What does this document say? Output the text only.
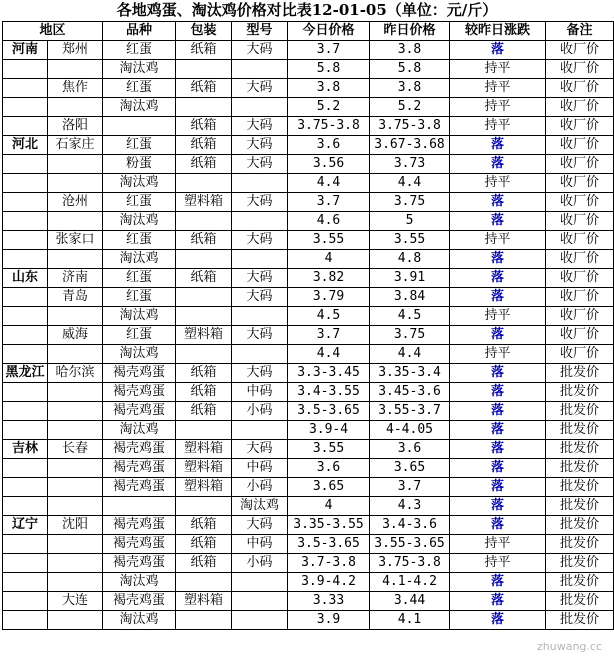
各地鸡蛋、淘汰鸡价格对比表12-01-05（单位：元/斤）
地区		品种	包装	型号	今日价格	昨日价格	较昨日涨跌	备注
河南	郑州	红蛋	纸箱	大码	3.7	3.8	落	收厂价
		淘汰鸡			5.8	5.8	持平	收厂价
	焦作	红蛋	纸箱	大码	3.8	3.8	持平	收厂价
		淘汰鸡			5.2	5.2	持平	收厂价
	洛阳		纸箱	大码	3.75-3.8	3.75-3.8	持平	收厂价
河北	石家庄	红蛋	纸箱	大码	3.6	3.67-3.68	落	收厂价
		粉蛋	纸箱	大码	3.56	3.73	落	收厂价
		淘汰鸡			4.4	4.4	持平	收厂价
	沧州	红蛋	塑料箱	大码	3.7	3.75	落	收厂价
		淘汰鸡			4.6	5	落	收厂价
	张家口	红蛋	纸箱	大码	3.55	3.55	持平	收厂价
		淘汰鸡			4	4.8	落	收厂价
山东	济南	红蛋	纸箱	大码	3.82	3.91	落	收厂价
	青岛	红蛋		大码	3.79	3.84	落	收厂价
		淘汰鸡			4.5	4.5	持平	收厂价
	威海	红蛋	塑料箱	大码	3.7	3.75	落	收厂价
		淘汰鸡			4.4	4.4	持平	收厂价
黑龙江	哈尔滨	褐壳鸡蛋	纸箱	大码	3.3-3.45	3.35-3.4	落	批发价
		褐壳鸡蛋	纸箱	中码	3.4-3.55	3.45-3.6	落	批发价
		褐壳鸡蛋	纸箱	小码	3.5-3.65	3.55-3.7	落	批发价
		淘汰鸡			3.9-4	4-4.05	落	批发价
吉林	长春	褐壳鸡蛋	塑料箱	大码	3.55	3.6	落	批发价
		褐壳鸡蛋	塑料箱	中码	3.6	3.65	落	批发价
		褐壳鸡蛋	塑料箱	小码	3.65	3.7	落	批发价
				淘汰鸡	4	4.3	落	批发价
辽宁	沈阳	褐壳鸡蛋	纸箱	大码	3.35-3.55	3.4-3.6	落	批发价
		褐壳鸡蛋	纸箱	中码	3.5-3.65	3.55-3.65	持平	批发价
		褐壳鸡蛋	纸箱	小码	3.7-3.8	3.75-3.8	持平	批发价
		淘汰鸡			3.9-4.2	4.1-4.2	落	批发价
	大连	褐壳鸡蛋	塑料箱		3.33	3.44	落	批发价
		淘汰鸡			3.9	4.1	落	批发价
zhuwang.cc
